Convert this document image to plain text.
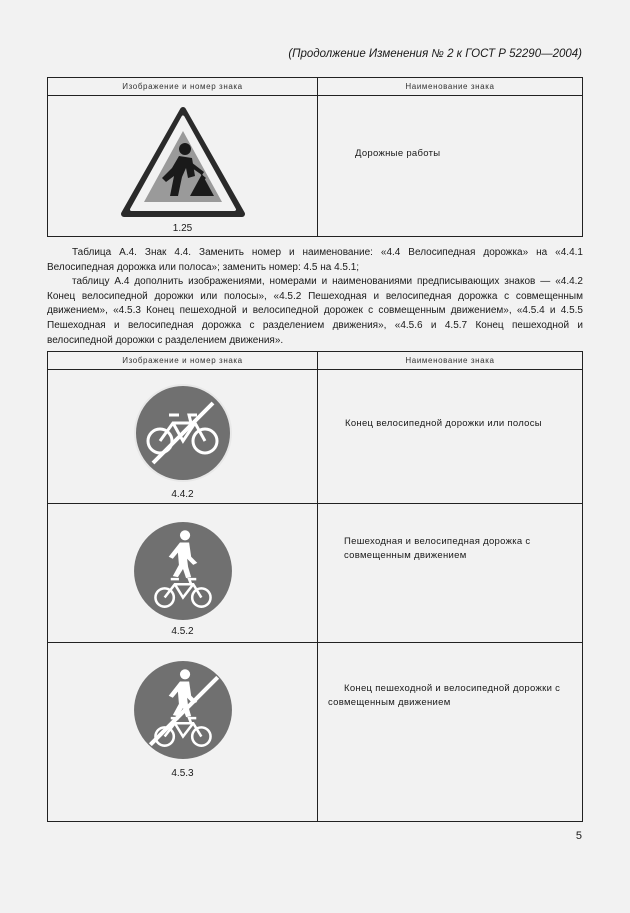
(Продолжение Изменения № 2 к ГОСТ Р 52290—2004)
Изображение и номер знака	Наименование знака

1.25	Дорожные работы

Таблица А.4. Знак 4.4. Заменить номер и наименование: «4.4 Велосипедная дорожка» на «4.4.1 Велосипедная дорожка или полоса»; заменить номер: 4.5 на 4.5.1;

таблицу А.4 дополнить изображениями, номерами и наименованиями предписывающих знаков — «4.4.2 Конец велосипедной дорожки или полосы», «4.5.2 Пешеходная и велосипедная дорожка с совмещенным движением», «4.5.3 Конец пешеходной и велосипедной дорожек с совмещенным движением», «4.5.4 и 4.5.5 Пешеходная и велосипедная дорожка с разделением движения», «4.5.6 и 4.5.7 Конец пешеходной и велосипедной дорожки с разделением движения».

Изображение и номер знака	Наименование знака

4.4.2	Конец велосипедной дорожки или полосы

4.5.2	Пешеходная и велосипедная дорожка с совмещенным движением

4.5.3	Конец пешеходной и велосипедной дорожки с совмещенным движением
5
